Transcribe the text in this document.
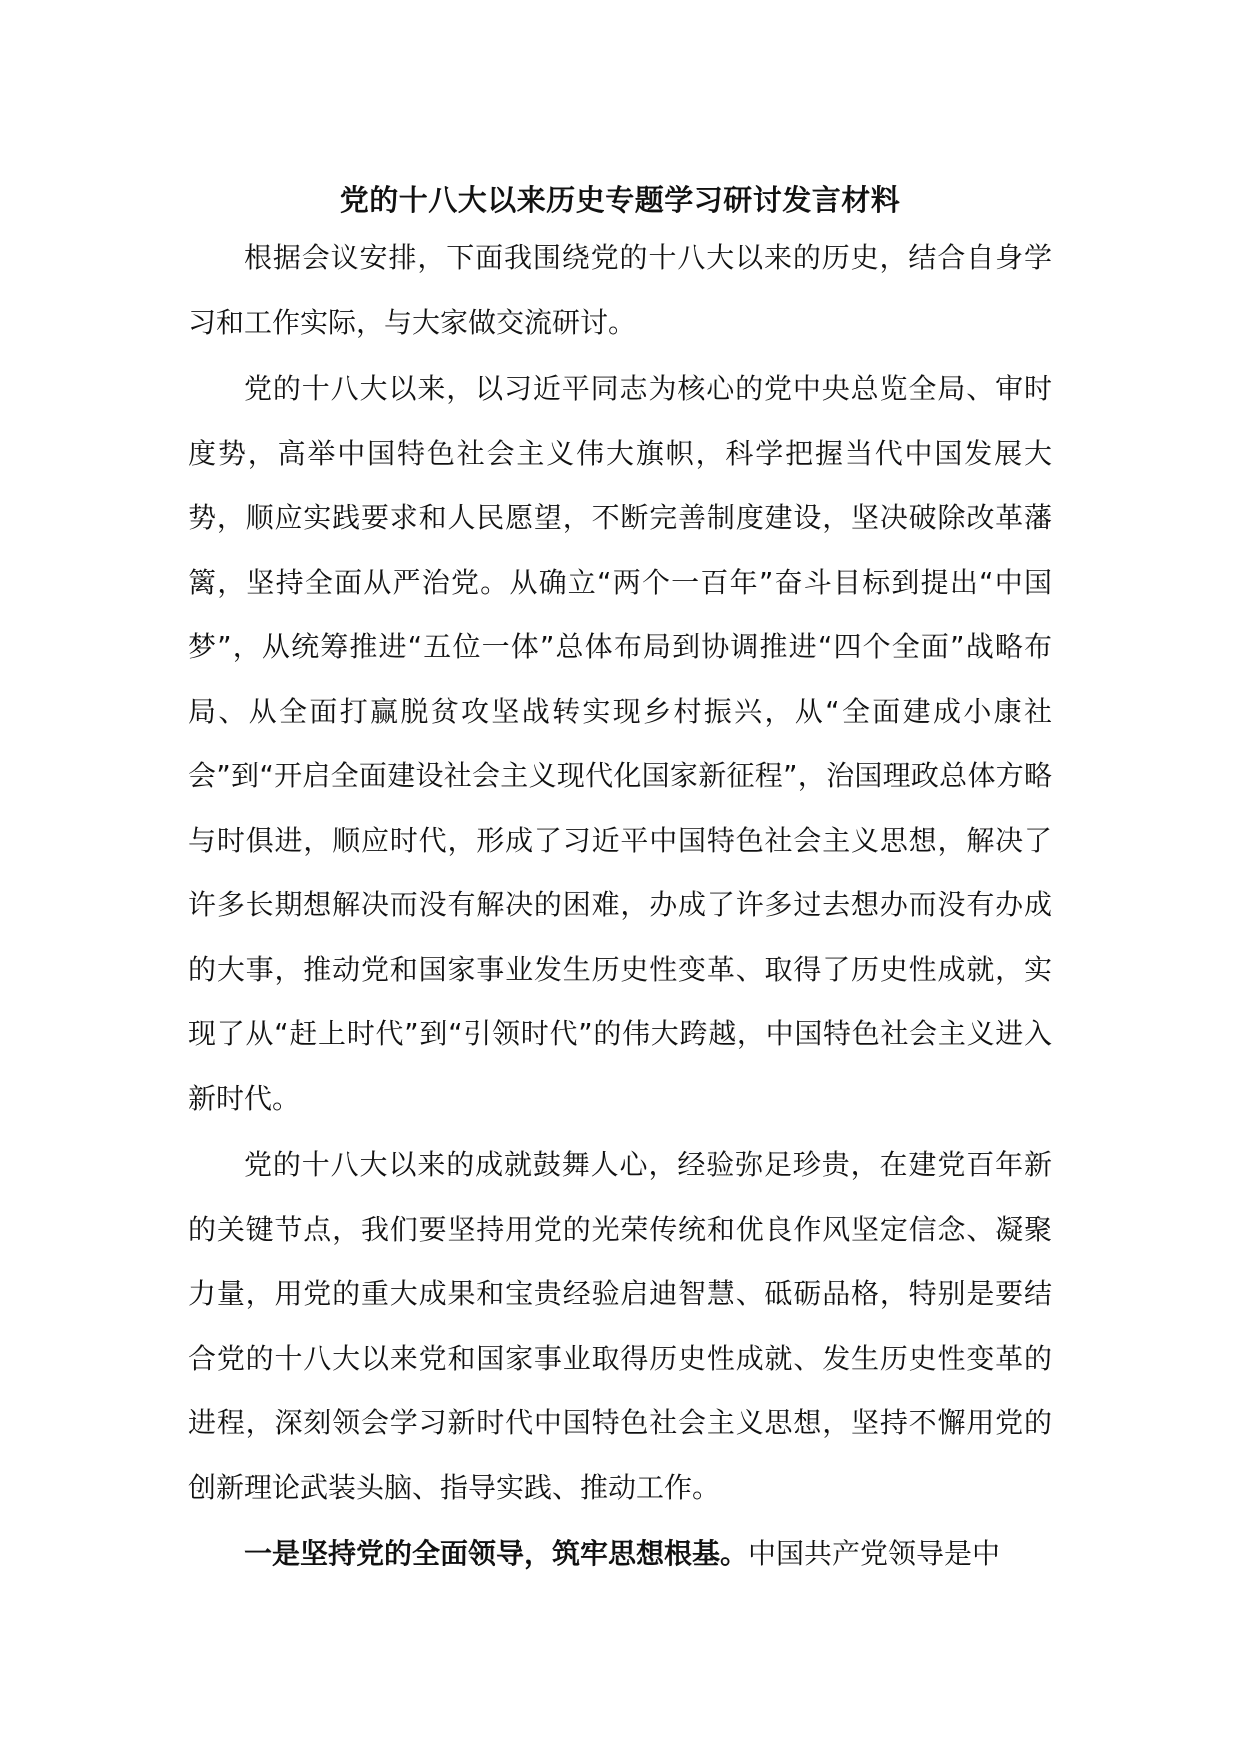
党的十八大以来历史专题学习研讨发言材料

根据会议安排，下面我围绕党的十八大以来的历史，结合自身学习和工作实际，与大家做交流研讨。

党的十八大以来，以习近平同志为核心的党中央总览全局、审时度势，高举中国特色社会主义伟大旗帜，科学把握当代中国发展大势，顺应实践要求和人民愿望，不断完善制度建设，坚决破除改革藩篱，坚持全面从严治党。从确立“两个一百年”奋斗目标到提出“中国梦”，从统筹推进“五位一体”总体布局到协调推进“四个全面”战略布局、从全面打赢脱贫攻坚战转实现乡村振兴，从“全面建成小康社会”到“开启全面建设社会主义现代化国家新征程”，治国理政总体方略与时俱进，顺应时代，形成了习近平中国特色社会主义思想，解决了许多长期想解决而没有解决的困难，办成了许多过去想办而没有办成的大事，推动党和国家事业发生历史性变革、取得了历史性成就，实现了从“赶上时代”到“引领时代”的伟大跨越，中国特色社会主义进入新时代。

党的十八大以来的成就鼓舞人心，经验弥足珍贵，在建党百年新的关键节点，我们要坚持用党的光荣传统和优良作风坚定信念、凝聚力量，用党的重大成果和宝贵经验启迪智慧、砥砺品格，特别是要结合党的十八大以来党和国家事业取得历史性成就、发生历史性变革的进程，深刻领会学习新时代中国特色社会主义思想，坚持不懈用党的创新理论武装头脑、指导实践、推动工作。

一是坚持党的全面领导，筑牢思想根基。中国共产党领导是中
